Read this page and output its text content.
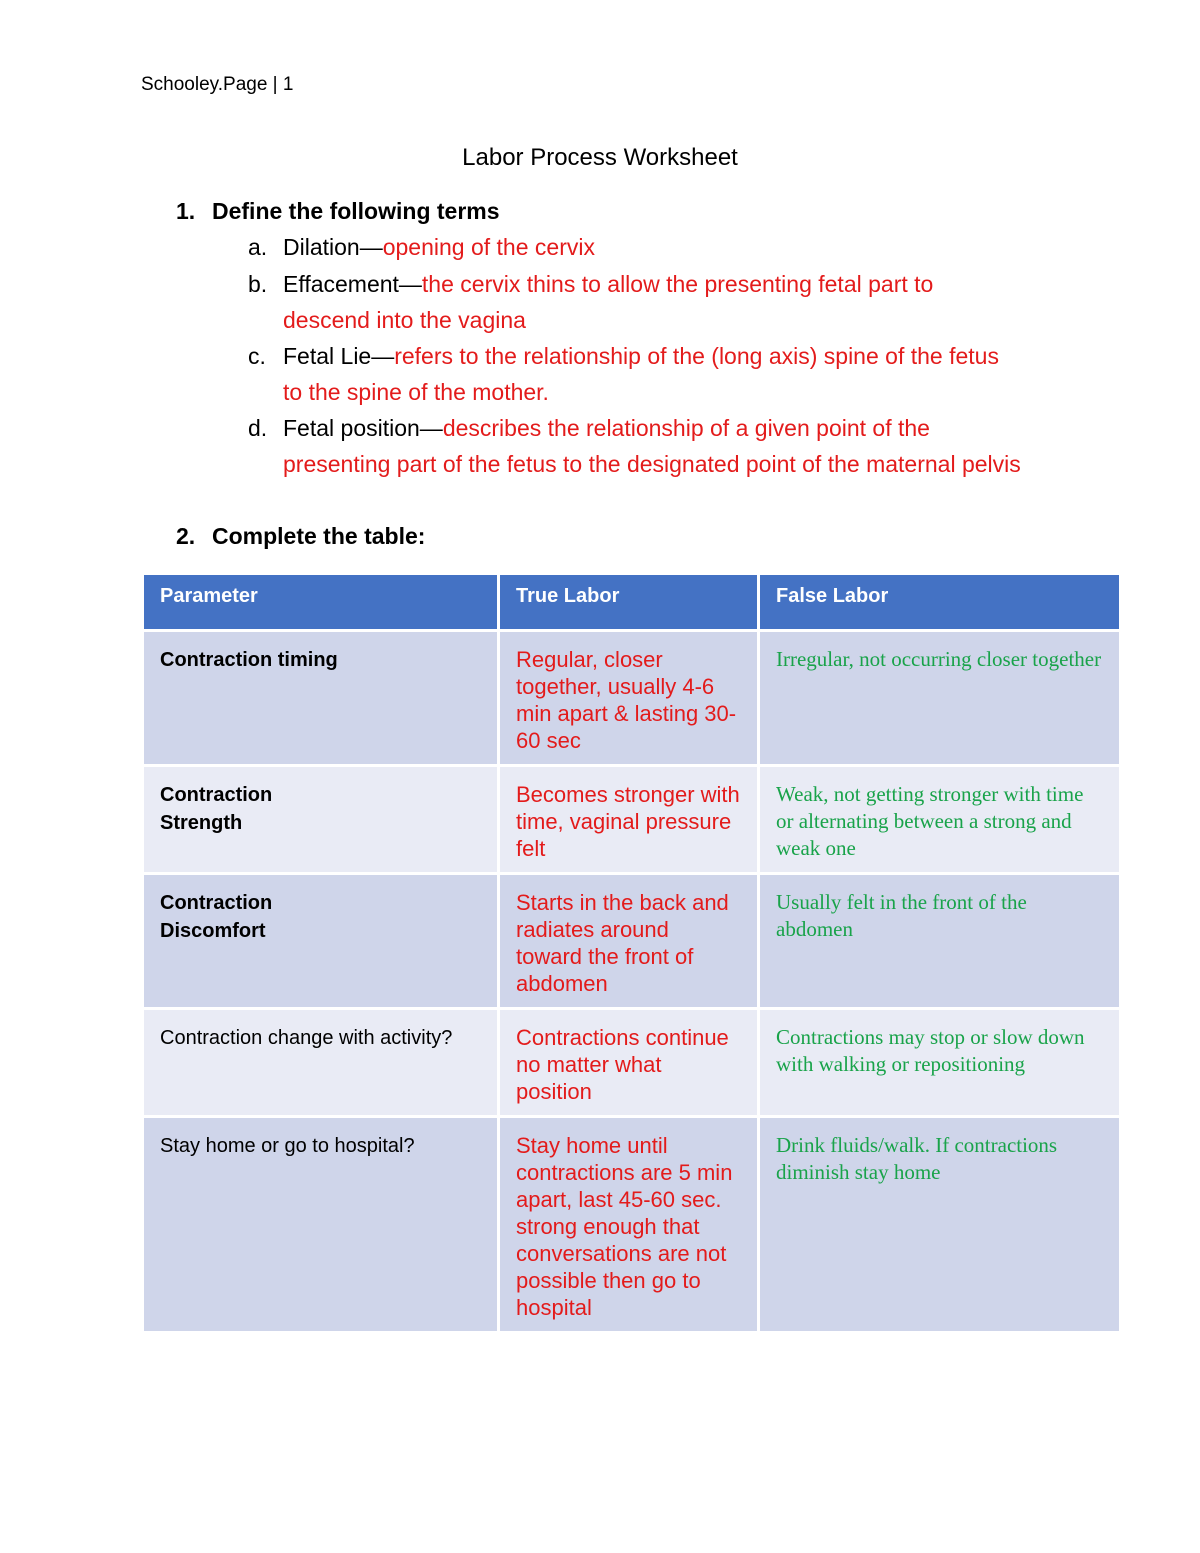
Schooley.Page | 1
Labor Process Worksheet
1. Define the following terms
a. Dilation—opening of the cervix
b. Effacement—the cervix thins to allow the presenting fetal part to descend into the vagina
c. Fetal Lie—refers to the relationship of the (long axis) spine of the fetus to the spine of the mother.
d. Fetal position—describes the relationship of a given point of the presenting part of the fetus to the designated point of the maternal pelvis
2. Complete the table:
Parameter	True Labor	False Labor
Contraction timing	Regular, closer together, usually 4-6 min apart & lasting 30-60 sec	Irregular, not occurring closer together
Contraction
Strength	Becomes stronger with time, vaginal pressure felt	Weak, not getting stronger with time or alternating between a strong and weak one
Contraction
Discomfort	Starts in the back and radiates around toward the front of abdomen	Usually felt in the front of the abdomen
Contraction change with activity?	Contractions continue no matter what position	Contractions may stop or slow down with walking or repositioning
Stay home or go to hospital?	Stay home until contractions are 5 min apart, last 45-60 sec. strong enough that conversations are not possible then go to hospital	Drink fluids/walk. If contractions diminish stay home
